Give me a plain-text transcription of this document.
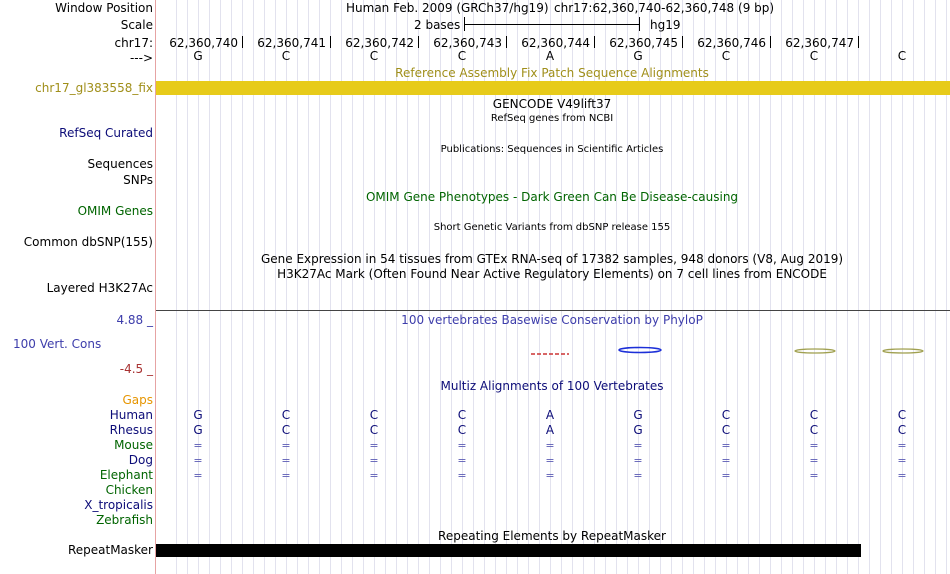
Window Position	Human Feb. 2009 (GRCh37/hg19) chr17:62,360,740-62,360,748 (9 bp)
Scale	2 bases	hg19
chr17: 62,360,740 62,360,741 62,360,742 62,360,743 62,360,744 62,360,745 62,360,746 62,360,747
--->	G	C	C	C	A	G	C	C	C
Reference Assembly Fix Patch Sequence Alignments
chr17_gl383558_fix
GENCODE V49lift37
RefSeq genes from NCBI
RefSeq Curated
Publications: Sequences in Scientific Articles
Sequences
SNPs
OMIM Gene Phenotypes - Dark Green Can Be Disease-causing
OMIM Genes
Short Genetic Variants from dbSNP release 155
Common dbSNP(155)
Gene Expression in 54 tissues from GTEx RNA-seq of 17382 samples, 948 donors (V8, Aug 2019)
H3K27Ac Mark (Often Found Near Active Regulatory Elements) on 7 cell lines from ENCODE
Layered H3K27Ac
4.88 _	100 vertebrates Basewise Conservation by PhyloP
100 Vert. Cons
-4.5 _
Multiz Alignments of 100 Vertebrates
Gaps
Human	G	C	C	C	A	G	C	C	C
Rhesus	G	C	C	C	A	G	C	C	C
Mouse	=	=	=	=	=	=	=	=	=
Dog	=	=	=	=	=	=	=	=	=
Elephant	=	=	=	=	=	=	=	=	=
Chicken
X_tropicalis
Zebrafish
Repeating Elements by RepeatMasker
RepeatMasker
